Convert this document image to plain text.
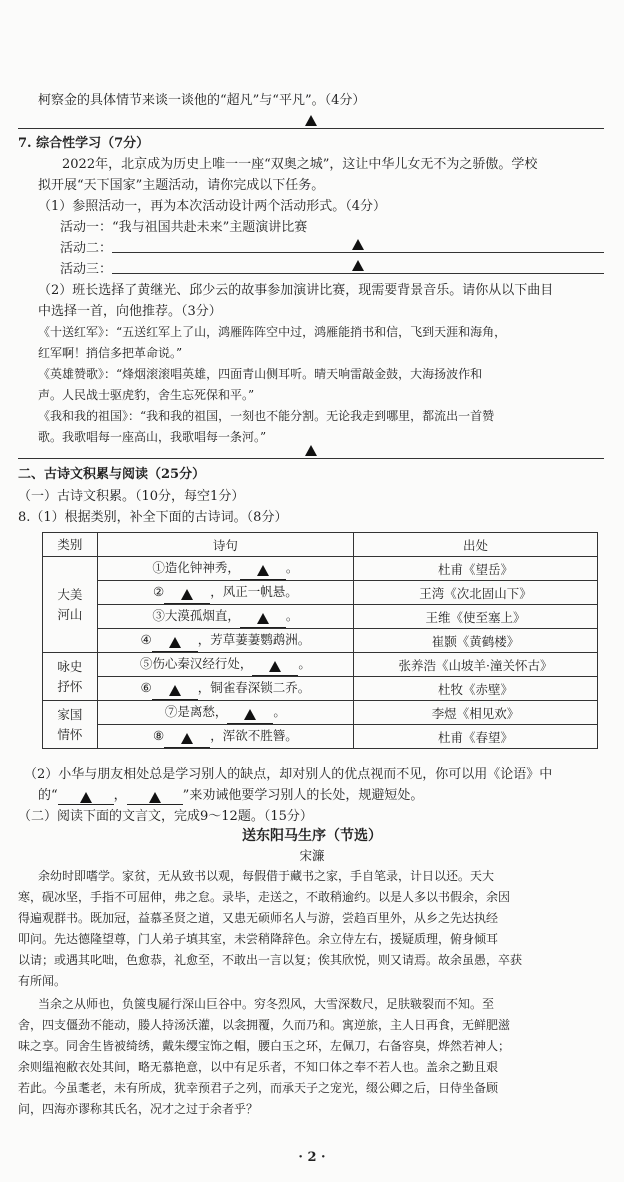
柯察金的具体情节来谈一谈他的“超凡”与“平凡”。（4分）
7. 综合性学习（7分）
2022年，北京成为历史上唯一一座“双奥之城”，这让中华儿女无不为之骄傲。学校
拟开展“天下国家”主题活动，请你完成以下任务。
（1）参照活动一，再为本次活动设计两个活动形式。（4分）
活动一：“我与祖国共赴未来”主题演讲比赛
活动二：
活动三：
（2）班长选择了黄继光、邱少云的故事参加演讲比赛，现需要背景音乐。请你从以下曲目
中选择一首，向他推荐。（3分）
《十送红军》：“五送红军上了山，鸿雁阵阵空中过，鸿雁能捎书和信，飞到天涯和海角，
红军啊！捎信多把革命说。”
《英雄赞歌》：“烽烟滚滚唱英雄，四面青山侧耳听。晴天响雷敲金鼓，大海扬波作和
声。人民战士驱虎豹，舍生忘死保和平。”
《我和我的祖国》：“我和我的祖国，一刻也不能分割。无论我走到哪里，都流出一首赞
歌。我歌唱每一座高山，我歌唱每一条河。”
二、古诗文积累与阅读（25分）
（一）古诗文积累。（10分，每空1分）
8.（1）根据类别，补全下面的古诗词。（8分）
类别	诗句	出处
大美河山	①造化钟神秀， 。	杜甫《望岳》
	② ，风正一帆悬。	王湾《次北固山下》
	③大漠孤烟直， 。	王维《使至塞上》
	④ ，芳草萋萋鹦鹉洲。	崔颢《黄鹤楼》
咏史抒怀	⑤伤心秦汉经行处， 。	张养浩《山坡羊·潼关怀古》
	⑥ ，铜雀春深锁二乔。	杜牧《赤壁》
家国情怀	⑦是离愁， 。	李煜《相见欢》
	⑧ ，浑欲不胜簪。	杜甫《春望》
（2）小华与朋友相处总是学习别人的缺点，却对别人的优点视而不见，你可以用《论语》中
的“	，	”来劝诫他要学习别人的长处，规避短处。
（二）阅读下面的文言文，完成9～12题。（15分）
送东阳马生序（节选）
宋濂
余幼时即嗜学。家贫，无从致书以观，每假借于藏书之家，手自笔录，计日以还。天大
寒，砚冰坚，手指不可屈伸，弗之怠。录毕，走送之，不敢稍逾约。以是人多以书假余，余因
得遍观群书。既加冠，益慕圣贤之道，又患无硕师名人与游，尝趋百里外，从乡之先达执经
叩问。先达德隆望尊，门人弟子填其室，未尝稍降辞色。余立侍左右，援疑质理，俯身倾耳
以请；或遇其叱咄，色愈恭，礼愈至，不敢出一言以复；俟其欣悦，则又请焉。故余虽愚，卒获
有所闻。
当余之从师也，负箧曳屣行深山巨谷中。穷冬烈风，大雪深数尺，足肤皲裂而不知。至
舍，四支僵劲不能动，媵人持汤沃灌，以衾拥覆，久而乃和。寓逆旅，主人日再食，无鲜肥滋
味之享。同舍生皆被绮绣，戴朱缨宝饰之帽，腰白玉之环，左佩刀，右备容臭，烨然若神人；
余则缊袍敝衣处其间，略无慕艳意，以中有足乐者，不知口体之奉不若人也。盖余之勤且艰
若此。今虽耄老，未有所成，犹幸预君子之列，而承天子之宠光，缀公卿之后，日侍坐备顾
问，四海亦谬称其氏名，况才之过于余者乎？
· 2 ·
